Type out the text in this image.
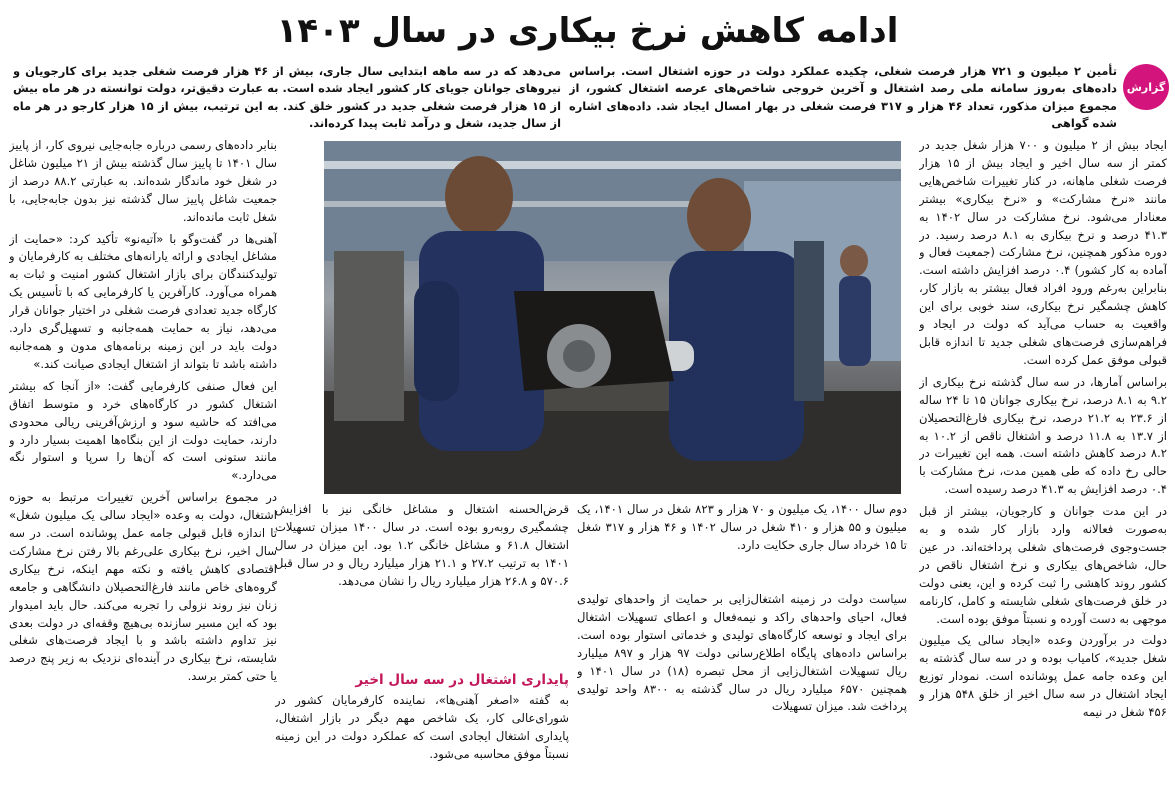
ادامه کاهش نرخ بیکاری در سال ۱۴۰۳
گزارش
تأمین ۲ میلیون و ۷۲۱ هزار فرصت شغلی، چکیده عملکرد دولت در حوزه اشتغال است. براساس داده‌های به‌روز سامانه ملی رصد اشتغال و آخرین خروجی شاخص‌های عرصه اشتغال کشور، از مجموع میزان مذکور، تعداد ۴۶ هزار و ۳۱۷ فرصت شغلی در بهار امسال ایجاد شد. داده‌های اشاره شده گواهی
می‌دهد که در سه ماهه ابتدایی سال جاری، بیش از ۴۶ هزار فرصت شغلی جدید برای کارجویان و نیروهای جوانان جویای کار کشور ایجاد شده است. به عبارت دقیق‌تر، دولت توانسته در هر ماه بیش از ۱۵ هزار فرصت شغلی جدید در کشور خلق کند. به این ترتیب، بیش از ۱۵ هزار کارجو در هر ماه از سال جدید، شغل و درآمد ثابت پیدا کرده‌اند.

ایجاد بیش از ۲ میلیون و ۷۰۰ هزار شغل جدید در کمتر از سه سال اخیر و ایجاد بیش از ۱۵ هزار فرصت شغلی ماهانه، در کنار تغییرات شاخص‌هایی مانند «نرخ مشارکت» و «نرخ بیکاری» بیشتر معنادار می‌شود. نرخ مشارکت در سال ۱۴۰۲ به ۴۱.۳ درصد و نرخ بیکاری به ۸.۱ درصد رسید. در دوره مذکور همچنین، نرخ مشارکت (جمعیت فعال و آماده به کار کشور) ۰.۴ درصد افزایش داشته است. بنابراین به‌رغم ورود افراد فعال بیشتر به بازار کار، کاهش چشمگیر نرخ بیکاری، سند خوبی برای این واقعیت به حساب می‌آید که دولت در ایجاد و فراهم‌سازی فرصت‌های شغلی جدید تا اندازه قابل قبولی موفق عمل کرده است.

براساس آمارها، در سه سال گذشته نرخ بیکاری از ۹.۲ به ۸.۱ درصد، نرخ بیکاری جوانان ۱۵ تا ۲۴ ساله از ۲۳.۶ به ۲۱.۲ درصد، نرخ بیکاری فارغ‌التحصیلان از ۱۳.۷ به ۱۱.۸ درصد و اشتغال ناقص از ۱۰.۲ به ۸.۲ درصد کاهش داشته است. همه این تغییرات در حالی رخ داده که طی همین مدت، نرخ مشارکت با ۰.۴ درصد افزایش به ۴۱.۳ درصد رسیده است.

در این مدت جوانان و کارجویان، بیشتر از قبل به‌صورت فعالانه وارد بازار کار شده و به جست‌وجوی فرصت‌های شغلی پرداخته‌اند. در عین حال، شاخص‌های بیکاری و نرخ اشتغال ناقص در کشور روند کاهشی را ثبت کرده و این، یعنی دولت در خلق فرصت‌های شغلی شایسته و کامل، کارنامه موجهی به دست آورده و نسبتاً موفق بوده است.

دولت در برآوردن وعده «ایجاد سالی یک میلیون شغل جدید»، کامیاب بوده و در سه سال گذشته به این وعده جامه عمل پوشانده است. نمودار توزیع ایجاد اشتغال در سه سال اخیر از خلق ۵۴۸ هزار و ۴۵۶ شغل در نیمه

دوم سال ۱۴۰۰، یک میلیون و ۷۰ هزار و ۸۲۳ شغل در سال ۱۴۰۱، یک میلیون و ۵۵ هزار و ۴۱۰ شغل در سال ۱۴۰۲ و ۴۶ هزار و ۳۱۷ شغل تا ۱۵ خرداد سال جاری حکایت دارد.
سیاست دولت در زمینه اشتغال‌زایی بر حمایت از واحدهای تولیدی فعال، احیای واحدهای راکد و نیمه‌فعال و اعطای تسهیلات اشتغال برای ایجاد و توسعه کارگاه‌های تولیدی و خدماتی استوار بوده است. براساس داده‌های پایگاه اطلاع‌رسانی دولت ۹۷ هزار و ۸۹۷ میلیارد ریال تسهیلات اشتغال‌زایی از محل تبصره (۱۸) در سال ۱۴۰۱ و همچنین ۶۵۷۰ میلیارد ریال در سال گذشته به ۸۳۰۰ واحد تولیدی پرداخت شد. میزان تسهیلات
قرض‌الحسنه اشتغال و مشاغل خانگی نیز با افزایش چشمگیری روبه‌رو بوده است. در سال ۱۴۰۰ میزان تسهیلات اشتغال ۶۱.۸ و مشاغل خانگی ۱.۲ بود. این میزان در سال ۱۴۰۱ به ترتیب ۲۷.۲ و ۲۱.۱ هزار میلیارد ریال و در سال قبل ۵۷۰.۶ و ۲۶.۸ هزار میلیارد ریال را نشان می‌دهد.
پایداری اشتغال در سه سال اخیر
به گفته «اصغر آهنی‌ها»، نماینده کارفرمایان کشور در شورای‌عالی کار، یک شاخص مهم دیگر در بازار اشتغال، پایداری اشتغال ایجادی است که عملکرد دولت در این زمینه نسبتاً موفق محاسبه می‌شود.

بنابر داده‌های رسمی درباره جابه‌جایی نیروی کار، از پاییز سال ۱۴۰۱ تا پاییز سال گذشته بیش از ۲۱ میلیون شاغل در شغل خود ماندگار شده‌اند. به عبارتی ۸۸.۲ درصد از جمعیت شاغل پاییز سال گذشته نیز بدون جابه‌جایی، با شغل ثابت مانده‌اند.

آهنی‌ها در گفت‌وگو با «آتیه‌نو» تأکید کرد: «حمایت از مشاغل ایجادی و ارائه یارانه‌های مختلف به کارفرمایان و تولیدکنندگان برای بازار اشتغال کشور امنیت و ثبات به همراه می‌آورد. کارآفرین یا کارفرمایی که با تأسیس یک کارگاه جدید تعدادی فرصت شغلی در اختیار جوانان قرار می‌دهد، نیاز به حمایت همه‌جانبه و تسهیل‌گری دارد. دولت باید در این زمینه برنامه‌های مدون و همه‌جانبه داشته باشد تا بتواند از اشتغال ایجادی صیانت کند.»

این فعال صنفی کارفرمایی گفت: «از آنجا که بیشتر اشتغال کشور در کارگاه‌های خرد و متوسط اتفاق می‌افتد که حاشیه سود و ارزش‌آفرینی ریالی محدودی دارند، حمایت دولت از این بنگاه‌ها اهمیت بسیار دارد و مانند ستونی است که آن‌ها را سرپا و استوار نگه می‌دارد.»

در مجموع براساس آخرین تغییرات مرتبط به حوزه اشتغال، دولت به وعده «ایجاد سالی یک میلیون شغل» تا اندازه قابل قبولی جامه عمل پوشانده است. در سه سال اخیر، نرخ بیکاری علی‌رغم بالا رفتن نرخ مشارکت اقتصادی کاهش یافته و نکته مهم اینکه، نرخ بیکاری گروه‌های خاص مانند فارغ‌التحصیلان دانشگاهی و جامعه زنان نیز روند نزولی را تجربه می‌کند. حال باید امیدوار بود که این مسیر سازنده بی‌هیچ وقفه‌ای در دولت بعدی نیز تداوم داشته باشد و با ایجاد فرصت‌های شغلی شایسته، نرخ بیکاری در آینده‌ای نزدیک به زیر پنج درصد یا حتی کمتر برسد.
